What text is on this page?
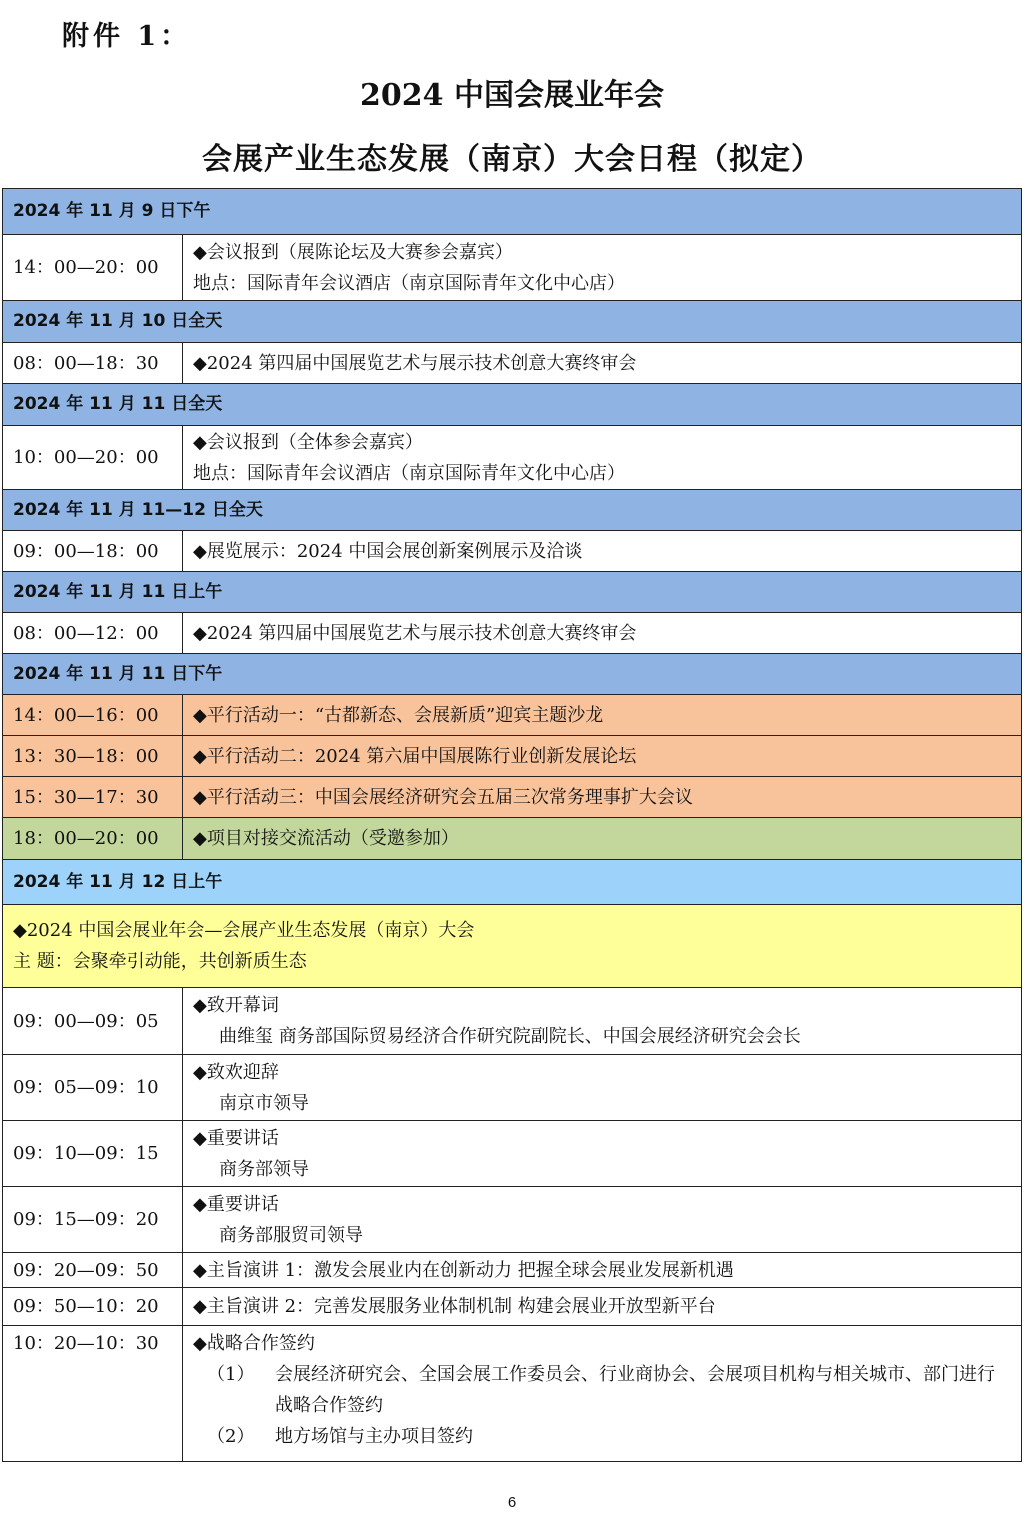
附件 1：
2024 中国会展业年会
会展产业生态发展（南京）大会日程（拟定）
2024 年 11 月 9 日下午	
14：00—20：00	◆会议报到（展陈论坛及大赛参会嘉宾）
地点：国际青年会议酒店（南京国际青年文化中心店）

2024 年 11 月 10 日全天	
08：00—18：30	◆2024 第四届中国展览艺术与展示技术创意大赛终审会
2024 年 11 月 11 日全天	
10：00—20：00	◆会议报到（全体参会嘉宾）
地点：国际青年会议酒店（南京国际青年文化中心店）

2024 年 11 月 11—12 日全天	
09：00—18：00	◆展览展示：2024 中国会展创新案例展示及洽谈
2024 年 11 月 11 日上午	
08：00—12：00	◆2024 第四届中国展览艺术与展示技术创意大赛终审会
2024 年 11 月 11 日下午	
14：00—16：00	◆平行活动一：“古都新态、会展新质”迎宾主题沙龙
13：30—18：00	◆平行活动二：2024 第六届中国展陈行业创新发展论坛
15：30—17：30	◆平行活动三：中国会展经济研究会五届三次常务理事扩大会议
18：00—20：00	◆项目对接交流活动（受邀参加）
2024 年 11 月 12 日上午	

◆2024 中国会展业年会—会展产业生态发展（南京）大会
主 题：会聚牵引动能，共创新质生态	

09：00—09：05	◆致开幕词
曲维玺 商务部国际贸易经济合作研究院副院长、中国会展经济研究会会长

09：05—09：10	◆致欢迎辞
南京市领导

09：10—09：15	◆重要讲话
商务部领导

09：15—09：20	◆重要讲话
商务部服贸司领导

09：20—09：50	◆主旨演讲 1：激发会展业内在创新动力 把握全球会展业发展新机遇
09：50—10：20	◆主旨演讲 2：完善发展服务业体制机制 构建会展业开放型新平台
10：20—10：30	◆战略合作签约
（1） 会展经济研究会、全国会展工作委员会、行业商协会、会展项目机构与相关城市、部门进行战略合作签约
（2） 地方场馆与主办项目签约
6
